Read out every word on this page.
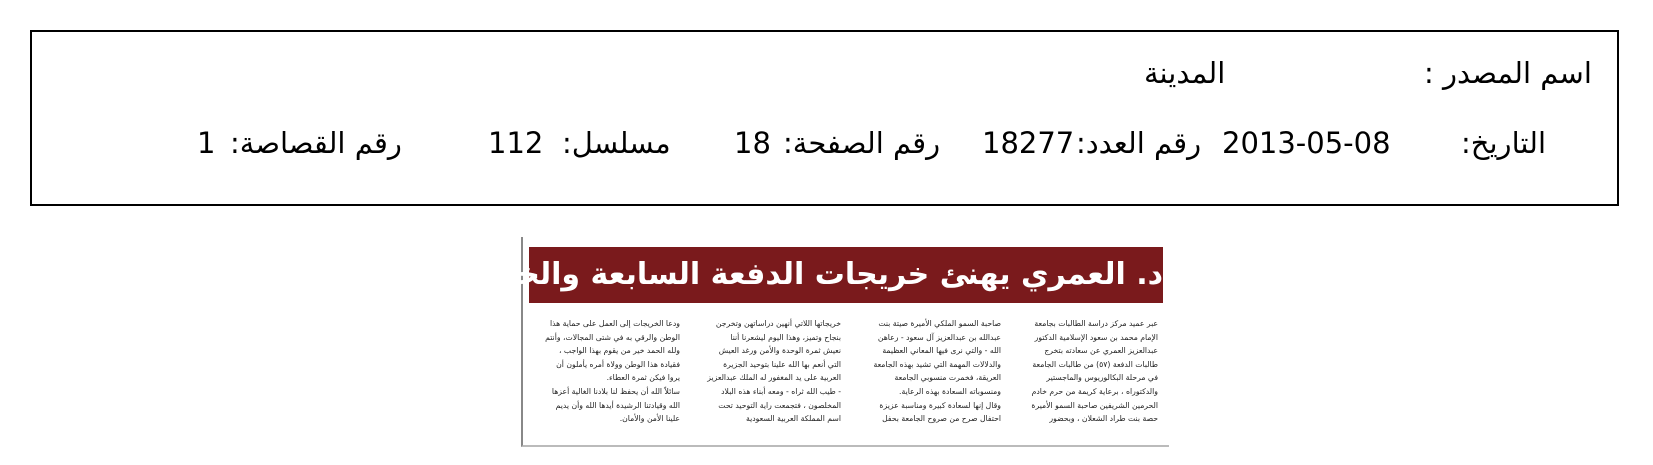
اسم المصدر :
المدينة
التاريخ:
2013-05-08
رقم العدد:
18277
رقم الصفحة:
18
مسلسل:
112
رقم القصاصة:
1
د. العمري يهنئ خريجات الدفعة السابعة والخمسين
عبر عميد مركز دراسة الطالبات بجامعة
الإمام محمد بن سعود الإسلامية الدكتور
عبدالعزيز العمري عن سعادته بتخرج
طالبات الدفعة (٥٧) من طالبات الجامعة
في مرحلة البكالوريوس والماجستير
والدكتوراه ، برعاية كريمة من حرم خادم
الحرمين الشريفين صاحبة السمو الأميرة
حصة بنت طراد الشعلان ، وبحضور
صاحبة السمو الملكي الأميرة صيتة بنت
عبدالله بن عبدالعزيز آل سعود - رعاهن
الله - والتي نرى فيها المعاني العظيمة
والدلالات المهمة التي تشيد بهذه الجامعة
العريقة، فخمرت منسوبي الجامعة
ومنسوباته السعادة بهذه الرعاية.
وقال إنها لسعادة كبيرة ومناسبة عزيزة
احتفال صرح من صروح الجامعة بحفل
خريجاتها اللاتي أنهين دراساتهن وتخرجن
بنجاح وتميز، وهذا اليوم ليشعرنا أننا
نعيش ثمرة الوحدة والأمن ورغد العيش
التي أنعم بها الله علينا بتوحيد الجزيرة
العربية على يد المغفور له الملك عبدالعزيز
- طيب الله ثراه - ومعه أبناء هذه البلاد
المخلصون ، فتجمعت راية التوحيد تحت
اسم المملكة العربية السعودية
ودعا الخريجات إلى العمل على حماية هذا
الوطن والرقي به في شتى المجالات، وأنتم
ولله الحمد خير من يقوم بهذا الواجب ،
فقيادة هذا الوطن وولاة أمره يأملون أن
يروا فيكن ثمرة العطاء.
سائلاً الله أن يحفظ لنا بلادنا الغالية أعزها
الله وقيادتنا الرشيدة أيدها الله وأن يديم
علينا الأمن والأمان.
